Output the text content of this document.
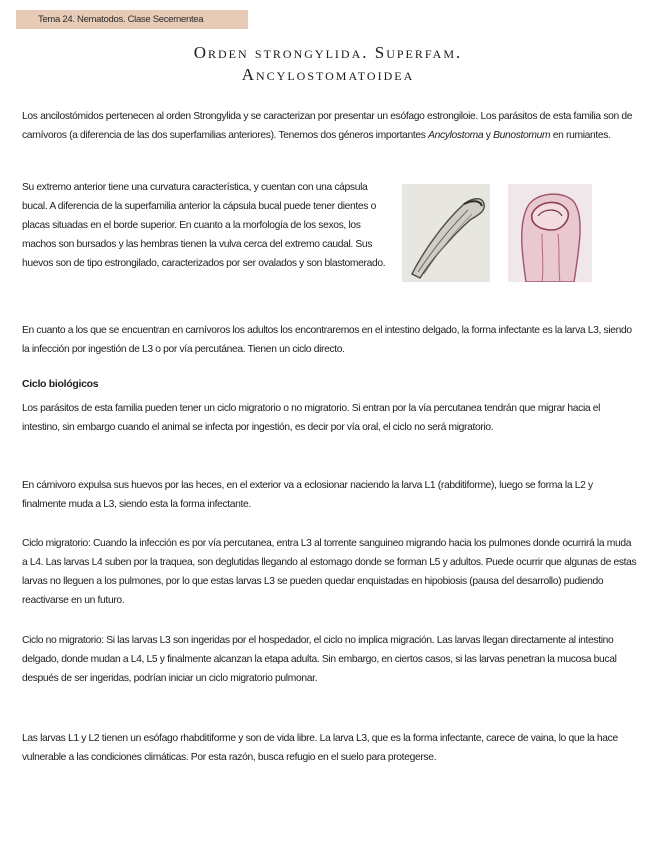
Tema 24. Nematodos. Clase Secernentea
Orden strongylida. Superfam.
Ancylostomatoidea

Los ancilostómidos pertenecen al orden Strongylida y se caracterizan por presentar un esófago estrongiloie. Los parásitos de esta familia son de carnívoros (a diferencia de las dos superfamilias anteriores). Tenemos dos géneros importantes Ancylostoma y Bunostomum en rumiantes.

Su extremo anterior tiene una curvatura característica, y cuentan con una cápsula bucal. A diferencia de la superfamilia anterior la cápsula bucal puede tener dientes o placas situadas en el borde superior. En cuanto a la morfología de los sexos, los machos son bursados y las hembras tienen la vulva cerca del extremo caudal. Sus huevos son de tipo estrongilado, caracterizados por ser ovalados y son blastomerado.

En cuanto a los que se encuentran en carnívoros los adultos los encontraremos en el intestino delgado, la forma infectante es la larva L3, siendo la infección por ingestión de L3 o por vía percutánea. Tienen un ciclo directo.

Ciclo biológicos

Los parásitos de esta familia pueden tener un ciclo migratorio o no migratorio. Si entran por la vía percutanea tendrán que migrar hacia el intestino, sin embargo cuando el animal se infecta por ingestión, es decir por vía oral, el ciclo no será migratorio.

En cárnivoro expulsa sus huevos por las heces, en el exterior va a eclosionar naciendo la larva L1 (rabditiforme), luego se forma la L2 y finalmente muda a L3, siendo esta la forma infectante.

Ciclo migratorio: Cuando la infección es por vía percutanea, entra L3 al torrente sanguineo migrando hacia los pulmones donde ocurrirá la muda a L4. Las larvas L4 suben por la traquea, son deglutidas llegando al estomago donde se forman L5 y adultos. Puede ocurrir que algunas de estas larvas no lleguen a los pulmones, por lo que estas larvas L3 se pueden quedar enquistadas en hipobiosis (pausa del desarrollo) pudiendo reactivarse en un futuro.

Ciclo no migratorio: Si las larvas L3 son ingeridas por el hospedador, el ciclo no implica migración. Las larvas llegan directamente al intestino delgado, donde mudan a L4, L5 y finalmente alcanzan la etapa adulta. Sin embargo, en ciertos casos, si las larvas penetran la mucosa bucal después de ser ingeridas, podrían iniciar un ciclo migratorio pulmonar.

Las larvas L1 y L2 tienen un esófago rhabditiforme y son de vida libre. La larva L3, que es la forma infectante, carece de vaina, lo que la hace vulnerable a las condiciones climáticas. Por esta razón, busca refugio en el suelo para protegerse.
